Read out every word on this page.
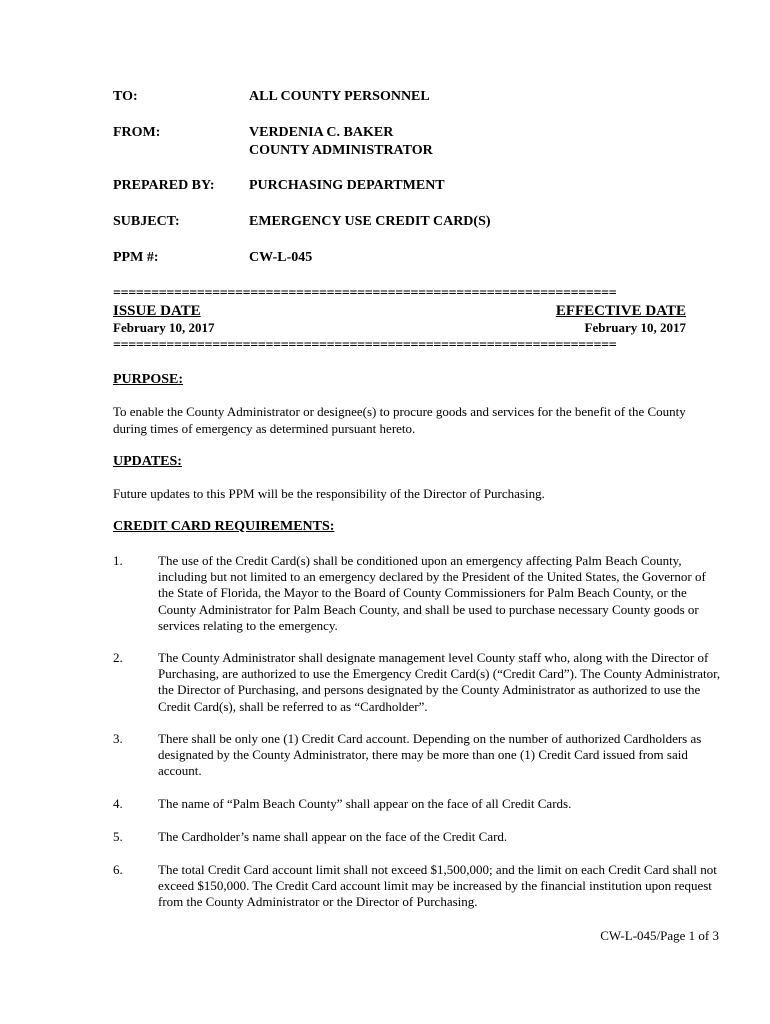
TO:	ALL COUNTY PERSONNEL
FROM:	VERDENIA C. BAKER
COUNTY ADMINISTRATOR
PREPARED BY: PURCHASING DEPARTMENT
SUBJECT:	EMERGENCY USE CREDIT CARD(S)
PPM #:	CW-L-045
==================================================================
ISSUE DATE
February 10, 2017
EFFECTIVE DATE
February 10, 2017
==================================================================
PURPOSE:
To enable the County Administrator or designee(s) to procure goods and services for the benefit of the County during times of emergency as determined pursuant hereto.
UPDATES:
Future updates to this PPM will be the responsibility of the Director of Purchasing.
CREDIT CARD REQUIREMENTS:
1.	The use of the Credit Card(s) shall be conditioned upon an emergency affecting Palm Beach County, including but not limited to an emergency declared by the President of the United States, the Governor of the State of Florida, the Mayor to the Board of County Commissioners for Palm Beach County, or the County Administrator for Palm Beach County, and shall be used to purchase necessary County goods or services relating to the emergency.
2.	The County Administrator shall designate management level County staff who, along with the Director of Purchasing, are authorized to use the Emergency Credit Card(s) (“Credit Card”). The County Administrator, the Director of Purchasing, and persons designated by the County Administrator as authorized to use the Credit Card(s), shall be referred to as “Cardholder”.
3.	There shall be only one (1) Credit Card account. Depending on the number of authorized Cardholders as designated by the County Administrator, there may be more than one (1) Credit Card issued from said account.
4.	The name of “Palm Beach County” shall appear on the face of all Credit Cards.
5.	The Cardholder’s name shall appear on the face of the Credit Card.
6.	The total Credit Card account limit shall not exceed $1,500,000; and the limit on each Credit Card shall not exceed $150,000. The Credit Card account limit may be increased by the financial institution upon request from the County Administrator or the Director of Purchasing.
CW-L-045/Page 1 of 3
